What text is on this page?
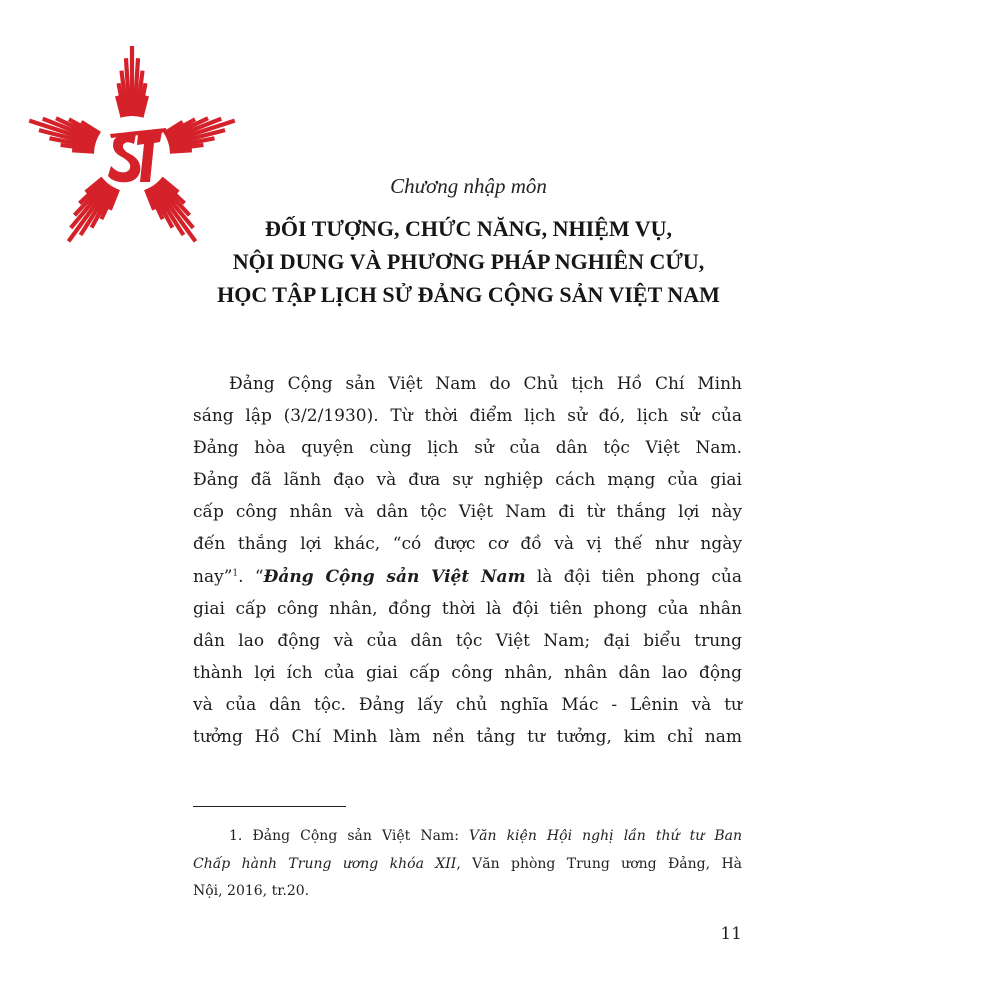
Chương nhập môn
ĐỐI TƯỢNG, CHỨC NĂNG, NHIỆM VỤ,
NỘI DUNG VÀ PHƯƠNG PHÁP NGHIÊN CỨU,
HỌC TẬP LỊCH SỬ ĐẢNG CỘNG SẢN VIỆT NAM
Đảng Cộng sản Việt Nam do Chủ tịch Hồ Chí Minh
sáng lập (3/2/1930). Từ thời điểm lịch sử đó, lịch sử của
Đảng hòa quyện cùng lịch sử của dân tộc Việt Nam.
Đảng đã lãnh đạo và đưa sự nghiệp cách mạng của giai
cấp công nhân và dân tộc Việt Nam đi từ thắng lợi này
đến thắng lợi khác, “có được cơ đồ và vị thế như ngày
nay”$^1$. “Đảng Cộng sản Việt Nam là đội tiên phong của
giai cấp công nhân, đồng thời là đội tiên phong của nhân
dân lao động và của dân tộc Việt Nam; đại biểu trung
thành lợi ích của giai cấp công nhân, nhân dân lao động
và của dân tộc. Đảng lấy chủ nghĩa Mác - Lênin và tư
tưởng Hồ Chí Minh làm nền tảng tư tưởng, kim chỉ nam
1. Đảng Cộng sản Việt Nam: Văn kiện Hội nghị lần thứ tư Ban
Chấp hành Trung ương khóa XII, Văn phòng Trung ương Đảng, Hà
Nội, 2016, tr.20.
11
